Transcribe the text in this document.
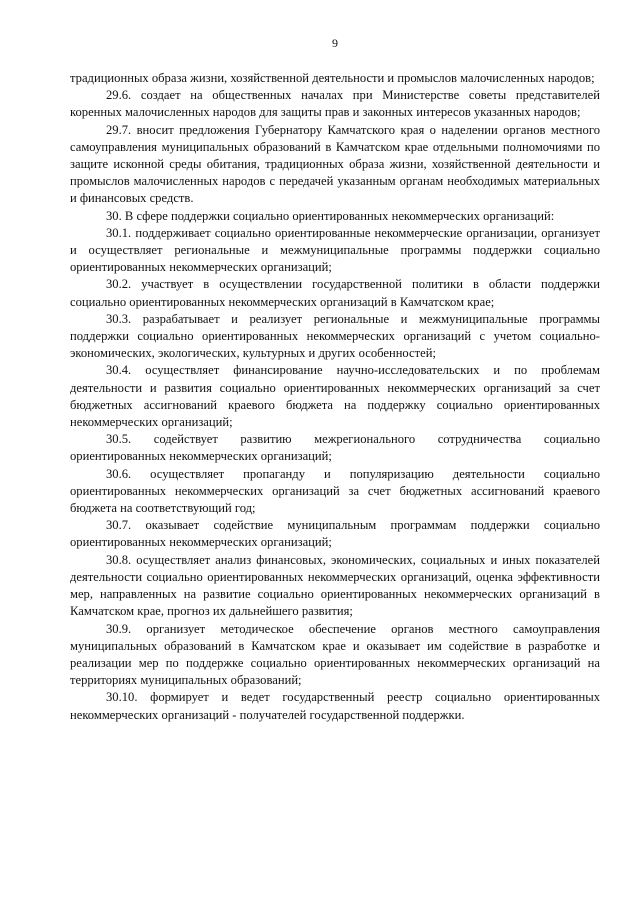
9

традиционных образа жизни, хозяйственной деятельности и промыслов малочисленных народов;

29.6. создает на общественных началах при Министерстве советы представителей коренных малочисленных народов для защиты прав и законных интересов указанных народов;

29.7. вносит предложения Губернатору Камчатского края о наделении органов местного самоуправления муниципальных образований в Камчатском крае отдельными полномочиями по защите исконной среды обитания, традиционных образа жизни, хозяйственной деятельности и промыслов малочисленных народов с передачей указанным органам необходимых материальных и финансовых средств.

30. В сфере поддержки социально ориентированных некоммерческих организаций:

30.1. поддерживает социально ориентированные некоммерческие организации, организует и осуществляет региональные и межмуниципальные программы поддержки социально ориентированных некоммерческих организаций;

30.2. участвует в осуществлении государственной политики в области поддержки социально ориентированных некоммерческих организаций в Камчатском крае;

30.3. разрабатывает и реализует региональные и межмуниципальные программы поддержки социально ориентированных некоммерческих организаций с учетом социально-экономических, экологических, культурных и других особенностей;

30.4. осуществляет финансирование научно-исследовательских и по проблемам деятельности и развития социально ориентированных некоммерческих организаций за счет бюджетных ассигнований краевого бюджета на поддержку социально ориентированных некоммерческих организаций;

30.5. содействует развитию межрегионального сотрудничества социально ориентированных некоммерческих организаций;

30.6. осуществляет пропаганду и популяризацию деятельности социально ориентированных некоммерческих организаций за счет бюджетных ассигнований краевого бюджета на соответствующий год;

30.7. оказывает содействие муниципальным программам поддержки социально ориентированных некоммерческих организаций;

30.8. осуществляет анализ финансовых, экономических, социальных и иных показателей деятельности социально ориентированных некоммерческих организаций, оценка эффективности мер, направленных на развитие социально ориентированных некоммерческих организаций в Камчатском крае, прогноз их дальнейшего развития;

30.9. организует методическое обеспечение органов местного самоуправления муниципальных образований в Камчатском крае и оказывает им содействие в разработке и реализации мер по поддержке социально ориентированных некоммерческих организаций на территориях муниципальных образований;

30.10. формирует и ведет государственный реестр социально ориентированных некоммерческих организаций - получателей государственной поддержки.
